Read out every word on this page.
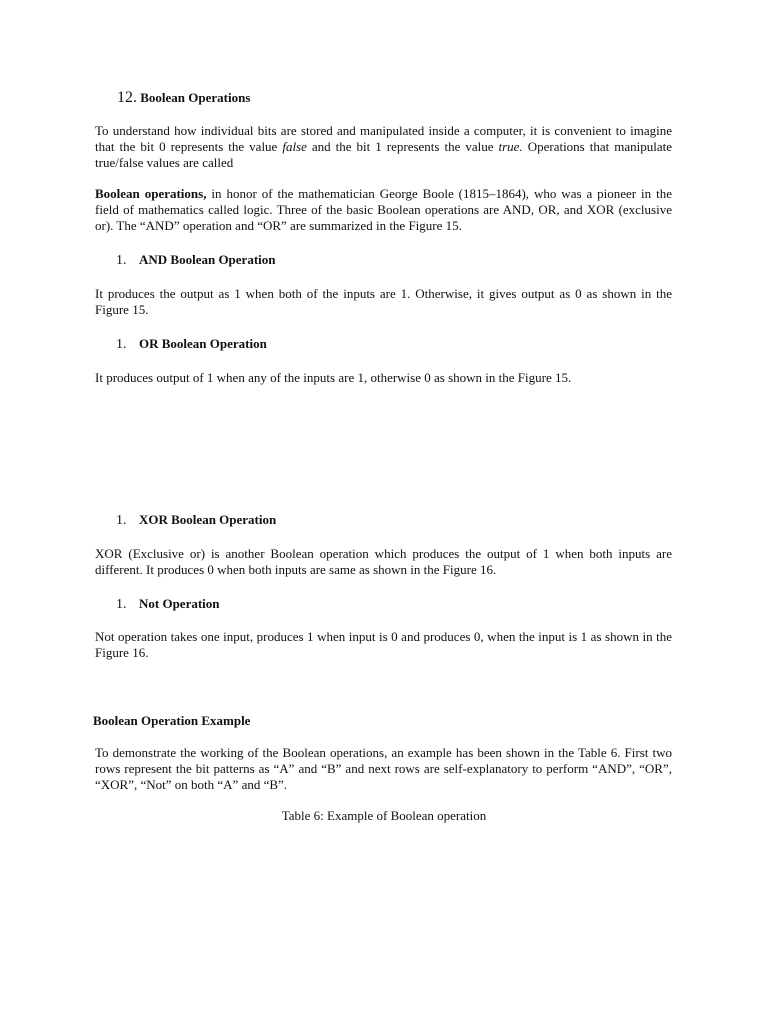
12. Boolean Operations
To understand how individual bits are stored and manipulated inside a computer, it is convenient to imagine that the bit 0 represents the value false and the bit 1 represents the value true. Operations that manipulate true/false values are called
Boolean operations, in honor of the mathematician George Boole (1815–1864), who was a pioneer in the field of mathematics called logic. Three of the basic Boolean operations are AND, OR, and XOR (exclusive or). The “AND” operation and “OR” are summarized in the Figure 15.
1. AND Boolean Operation
It produces the output as 1 when both of the inputs are 1. Otherwise, it gives output as 0 as shown in the Figure 15.
1. OR Boolean Operation
It produces output of 1 when any of the inputs are 1, otherwise 0 as shown in the Figure 15.
1. XOR Boolean Operation
XOR (Exclusive or) is another Boolean operation which produces the output of 1 when both inputs are different. It produces 0 when both inputs are same as shown in the Figure 16.
1. Not Operation
Not operation takes one input, produces 1 when input is 0 and produces 0, when the input is 1 as shown in the Figure 16.
Boolean Operation Example
To demonstrate the working of the Boolean operations, an example has been shown in the Table 6. First two rows represent the bit patterns as “A” and “B” and next rows are self-explanatory to perform “AND”, “OR”, “XOR”, “Not” on both “A” and “B”.
Table 6: Example of Boolean operation
